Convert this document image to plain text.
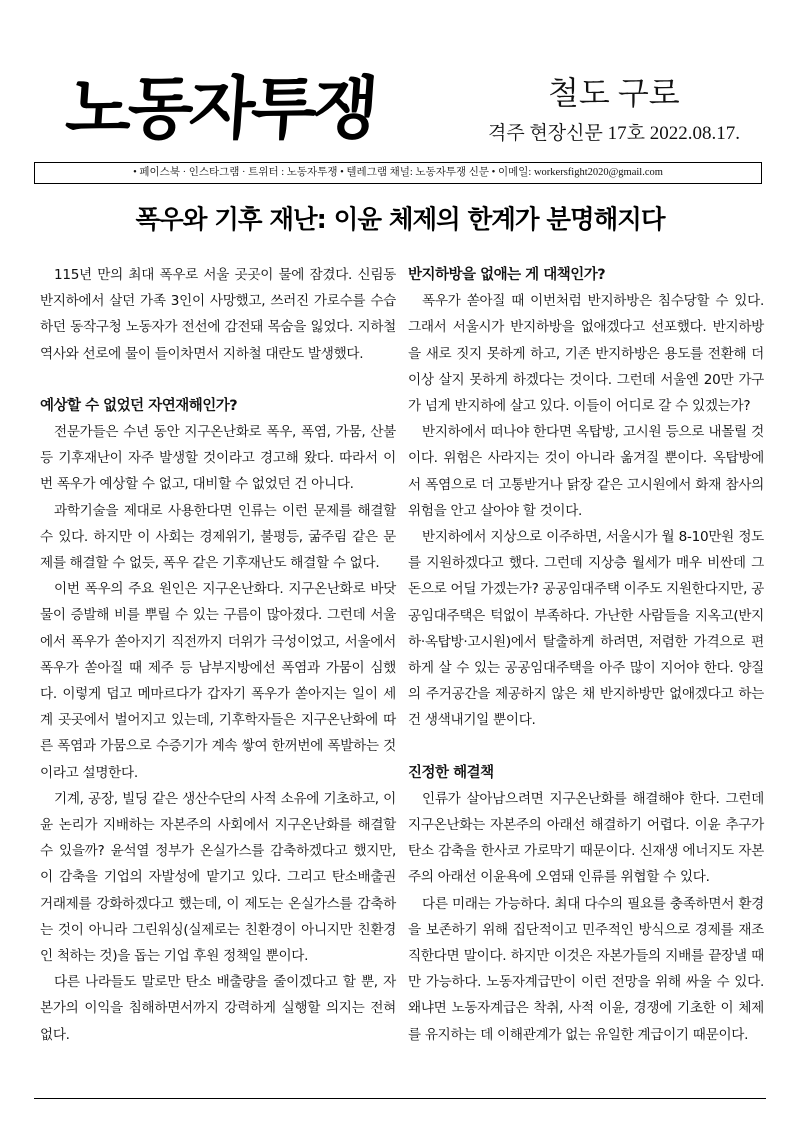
노동자투쟁	철도 구로
격주 현장신문 17호 2022.08.17.
• 페이스북 · 인스타그램 · 트위터 : 노동자투쟁 • 텔레그램 채널: 노동자투쟁 신문 • 이메일: workersfight2020@gmail.com
폭우와 기후 재난: 이윤 체제의 한계가 분명해지다

115년 만의 최대 폭우로 서울 곳곳이 물에 잠겼다. 신림동 반지하에서 살던 가족 3인이 사망했고, 쓰러진 가로수를 수습하던 동작구청 노동자가 전선에 감전돼 목숨을 잃었다. 지하철 역사와 선로에 물이 들이차면서 지하철 대란도 발생했다.

예상할 수 없었던 자연재해인가?

전문가들은 수년 동안 지구온난화로 폭우, 폭염, 가뭄, 산불 등 기후재난이 자주 발생할 것이라고 경고해 왔다. 따라서 이번 폭우가 예상할 수 없고, 대비할 수 없었던 건 아니다.

과학기술을 제대로 사용한다면 인류는 이런 문제를 해결할 수 있다. 하지만 이 사회는 경제위기, 불평등, 굶주림 같은 문제를 해결할 수 없듯, 폭우 같은 기후재난도 해결할 수 없다.

이번 폭우의 주요 원인은 지구온난화다. 지구온난화로 바닷물이 증발해 비를 뿌릴 수 있는 구름이 많아졌다. 그런데 서울에서 폭우가 쏟아지기 직전까지 더위가 극성이었고, 서울에서 폭우가 쏟아질 때 제주 등 남부지방에선 폭염과 가뭄이 심했다. 이렇게 덥고 메마르다가 갑자기 폭우가 쏟아지는 일이 세계 곳곳에서 벌어지고 있는데, 기후학자들은 지구온난화에 따른 폭염과 가뭄으로 수증기가 계속 쌓여 한꺼번에 폭발하는 것이라고 설명한다.

기계, 공장, 빌딩 같은 생산수단의 사적 소유에 기초하고, 이윤 논리가 지배하는 자본주의 사회에서 지구온난화를 해결할 수 있을까? 윤석열 정부가 온실가스를 감축하겠다고 했지만, 이 감축을 기업의 자발성에 맡기고 있다. 그리고 탄소배출권 거래제를 강화하겠다고 했는데, 이 제도는 온실가스를 감축하는 것이 아니라 그린워싱(실제로는 친환경이 아니지만 친환경인 척하는 것)을 돕는 기업 후원 정책일 뿐이다.

다른 나라들도 말로만 탄소 배출량을 줄이겠다고 할 뿐, 자본가의 이익을 침해하면서까지 강력하게 실행할 의지는 전혀 없다.

반지하방을 없애는 게 대책인가?

폭우가 쏟아질 때 이번처럼 반지하방은 침수당할 수 있다. 그래서 서울시가 반지하방을 없애겠다고 선포했다. 반지하방을 새로 짓지 못하게 하고, 기존 반지하방은 용도를 전환해 더 이상 살지 못하게 하겠다는 것이다. 그런데 서울엔 20만 가구가 넘게 반지하에 살고 있다. 이들이 어디로 갈 수 있겠는가?

반지하에서 떠나야 한다면 옥탑방, 고시원 등으로 내몰릴 것이다. 위험은 사라지는 것이 아니라 옮겨질 뿐이다. 옥탑방에서 폭염으로 더 고통받거나 닭장 같은 고시원에서 화재 참사의 위험을 안고 살아야 할 것이다.

반지하에서 지상으로 이주하면, 서울시가 월 8-10만원 정도를 지원하겠다고 했다. 그런데 지상층 월세가 매우 비싼데 그 돈으로 어딜 가겠는가? 공공임대주택 이주도 지원한다지만, 공공임대주택은 턱없이 부족하다. 가난한 사람들을 지옥고(반지하·옥탑방·고시원)에서 탈출하게 하려면, 저렴한 가격으로 편하게 살 수 있는 공공임대주택을 아주 많이 지어야 한다. 양질의 주거공간을 제공하지 않은 채 반지하방만 없애겠다고 하는 건 생색내기일 뿐이다.

진정한 해결책

인류가 살아남으려면 지구온난화를 해결해야 한다. 그런데 지구온난화는 자본주의 아래선 해결하기 어렵다. 이윤 추구가 탄소 감축을 한사코 가로막기 때문이다. 신재생 에너지도 자본주의 아래선 이윤욕에 오염돼 인류를 위협할 수 있다.

다른 미래는 가능하다. 최대 다수의 필요를 충족하면서 환경을 보존하기 위해 집단적이고 민주적인 방식으로 경제를 재조직한다면 말이다. 하지만 이것은 자본가들의 지배를 끝장낼 때만 가능하다. 노동자계급만이 이런 전망을 위해 싸울 수 있다. 왜냐면 노동자계급은 착취, 사적 이윤, 경쟁에 기초한 이 체제를 유지하는 데 이해관계가 없는 유일한 계급이기 때문이다.
